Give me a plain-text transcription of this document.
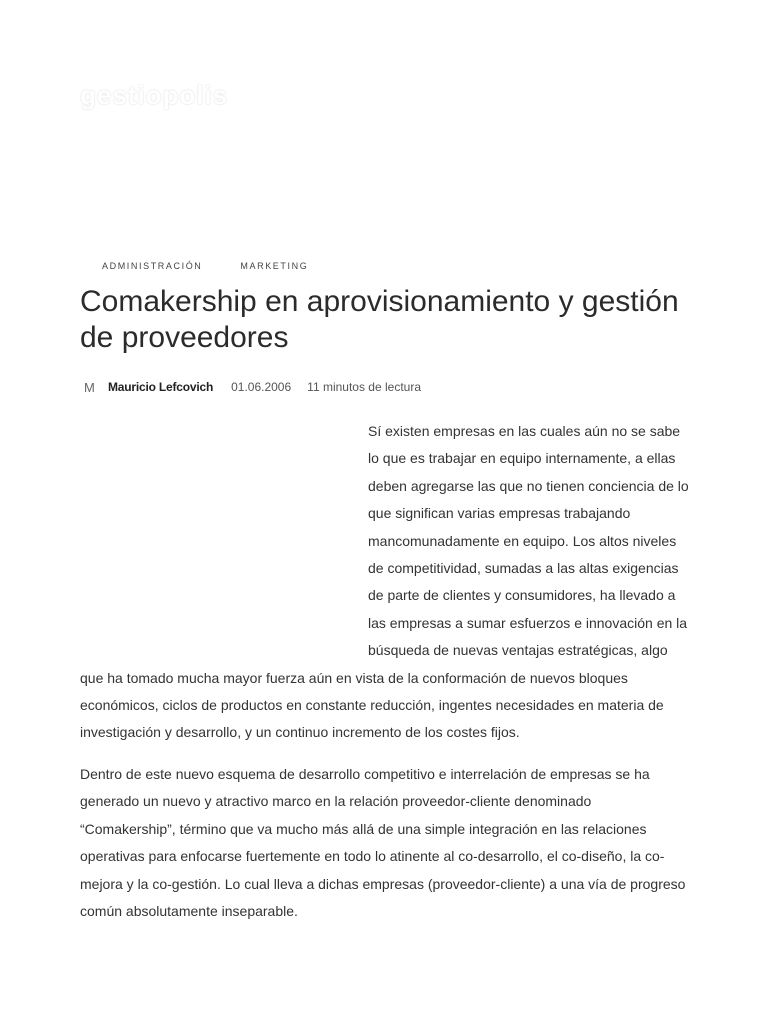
gestiopolis
ADMINISTRACIÓN	MARKETING
Comakership en aprovisionamiento y gestión de proveedores
M	Mauricio Lefcovich 01.06.2006 11 minutos de lectura

Sí existen empresas en las cuales aún no se sabe lo que es trabajar en equipo internamente, a ellas deben agregarse las que no tienen conciencia de lo que significan varias empresas trabajando mancomunadamente en equipo. Los altos niveles de competitividad, sumadas a las altas exigencias de parte de clientes y consumidores, ha llevado a las empresas a sumar esfuerzos e innovación en la búsqueda de nuevas ventajas estratégicas, algo que ha tomado mucha mayor fuerza aún en vista de la conformación de nuevos bloques económicos, ciclos de productos en constante reducción, ingentes necesidades en materia de investigación y desarrollo, y un continuo incremento de los costes fijos.

Dentro de este nuevo esquema de desarrollo competitivo e interrelación de empresas se ha generado un nuevo y atractivo marco en la relación proveedor-cliente denominado “Comakership”, término que va mucho más allá de una simple integración en las relaciones operativas para enfocarse fuertemente en todo lo atinente al co-desarrollo, el co-diseño, la co-mejora y la co-gestión. Lo cual lleva a dichas empresas (proveedor-cliente) a una vía de progreso común absolutamente inseparable.
